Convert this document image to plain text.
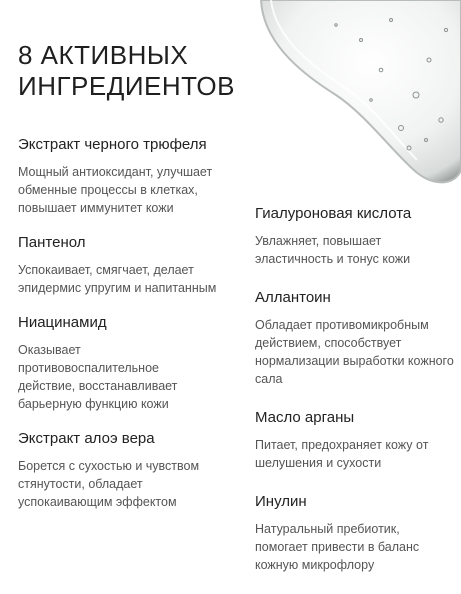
8 АКТИВНЫХ ИНГРЕДИЕНТОВ
Экстракт черного трюфеля
Мощный антиоксидант, улучшает обменные процессы в клетках, повышает иммунитет кожи
Пантенол
Успокаивает, смягчает, делает эпидермис упругим и напитанным
Ниацинамид
Оказывает противовоспалительное действие, восстанавливает барьерную функцию кожи
Экстракт алоэ вера
Борется с сухостью и чувством стянутости, обладает успокаивающим эффектом
Гиалуроновая кислота
Увлажняет, повышает эластичность и тонус кожи
Аллантоин
Обладает противомикробным действием, способствует нормализации выработки кожного сала
Масло арганы
Питает, предохраняет кожу от шелушения и сухости
Инулин
Натуральный пребиотик, помогает привести в баланс кожную микрофлору
